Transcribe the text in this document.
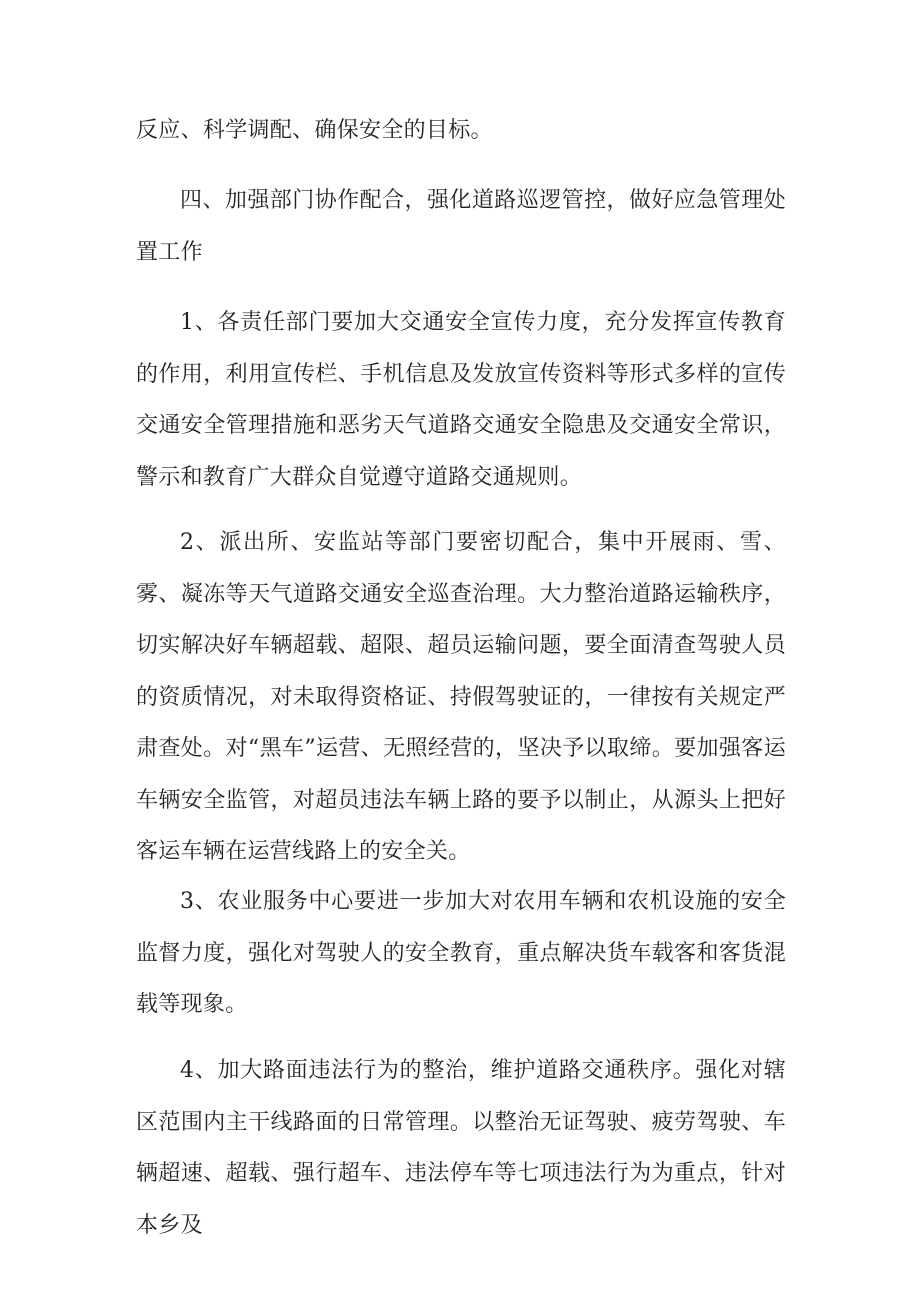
反应、科学调配、确保安全的目标。

四、加强部门协作配合，强化道路巡逻管控，做好应急管理处置工作

1、各责任部门要加大交通安全宣传力度，充分发挥宣传教育的作用，利用宣传栏、手机信息及发放宣传资料等形式多样的宣传交通安全管理措施和恶劣天气道路交通安全隐患及交通安全常识，警示和教育广大群众自觉遵守道路交通规则。

2、派出所、安监站等部门要密切配合，集中开展雨、雪、雾、凝冻等天气道路交通安全巡查治理。大力整治道路运输秩序，切实解决好车辆超载、超限、超员运输问题，要全面清查驾驶人员的资质情况，对未取得资格证、持假驾驶证的，一律按有关规定严肃查处。对“黑车”运营、无照经营的，坚决予以取缔。要加强客运车辆安全监管，对超员违法车辆上路的要予以制止，从源头上把好客运车辆在运营线路上的安全关。

3、农业服务中心要进一步加大对农用车辆和农机设施的安全监督力度，强化对驾驶人的安全教育，重点解决货车载客和客货混载等现象。

4、加大路面违法行为的整治，维护道路交通秩序。强化对辖区范围内主干线路面的日常管理。以整治无证驾驶、疲劳驾驶、车辆超速、超载、强行超车、违法停车等七项违法行为为重点，针对本乡及
